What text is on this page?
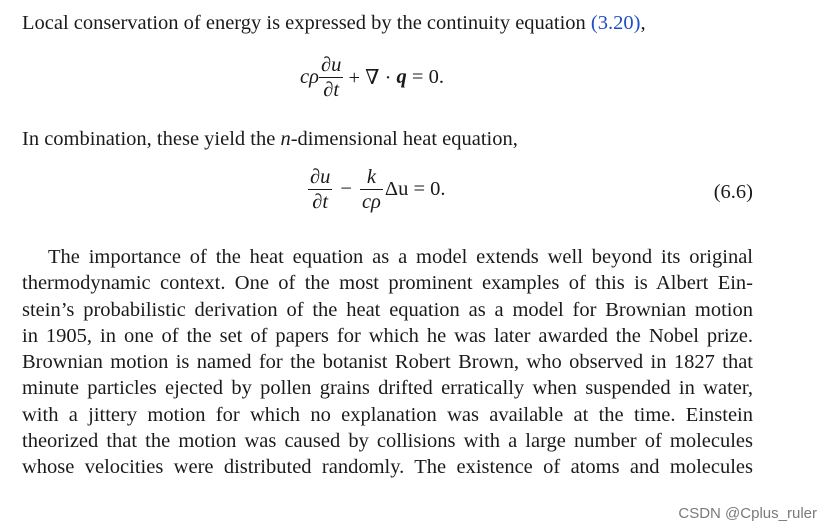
Local conservation of energy is expressed by the continuity equation (3.20),
cρ $\frac{\partial u}{\partial t}$ + ∇ · q = 0.
In combination, these yield the n-dimensional heat equation,
$\frac{\partial u}{\partial t} - \frac{k}{c\rho}$ Δu = 0.	(6.6)
The importance of the heat equation as a model extends well beyond its original
thermodynamic context. One of the most prominent examples of this is Albert Ein-
stein’s probabilistic derivation of the heat equation as a model for Brownian motion
in 1905, in one of the set of papers for which he was later awarded the Nobel prize.
Brownian motion is named for the botanist Robert Brown, who observed in 1827 that
minute particles ejected by pollen grains drifted erratically when suspended in water,
with a jittery motion for which no explanation was available at the time. Einstein
theorized that the motion was caused by collisions with a large number of molecules
whose velocities were distributed randomly. The existence of atoms and molecules
CSDN @Cplus_ruler
